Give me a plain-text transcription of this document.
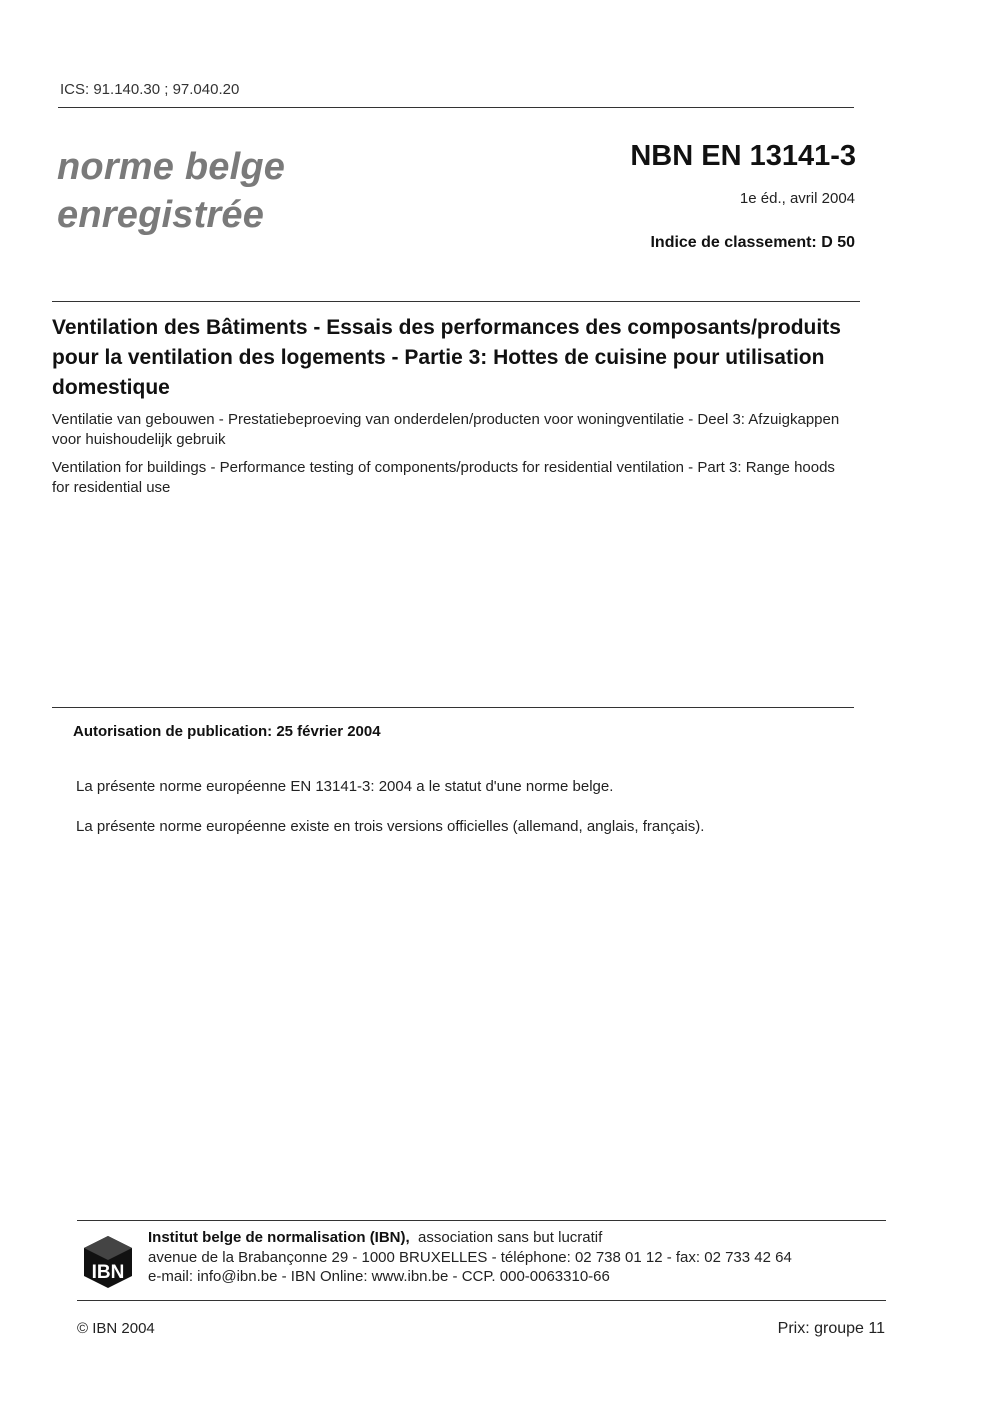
ICS: 91.140.30 ; 97.040.20
norme belge
enregistrée
NBN EN 13141-3
1e éd., avril 2004
Indice de classement: D 50
Ventilation des Bâtiments - Essais des performances des composants/produits pour la ventilation des logements - Partie 3: Hottes de cuisine pour utilisation domestique
Ventilatie van gebouwen - Prestatiebeproeving van onderdelen/producten voor woningventilatie - Deel 3: Afzuigkappen voor huishoudelijk gebruik
Ventilation for buildings - Performance testing of components/products for residential ventilation - Part 3: Range hoods for residential use
Autorisation de publication: 25 février 2004
La présente norme européenne EN 13141-3: 2004 a le statut d'une norme belge.
La présente norme européenne existe en trois versions officielles (allemand, anglais, français).
IBN
Institut belge de normalisation (IBN), association sans but lucratif
avenue de la Brabançonne 29 - 1000 BRUXELLES - téléphone: 02 738 01 12 - fax: 02 733 42 64
e-mail: info@ibn.be - IBN Online: www.ibn.be - CCP. 000-0063310-66
© IBN 2004	Prix: groupe 11
